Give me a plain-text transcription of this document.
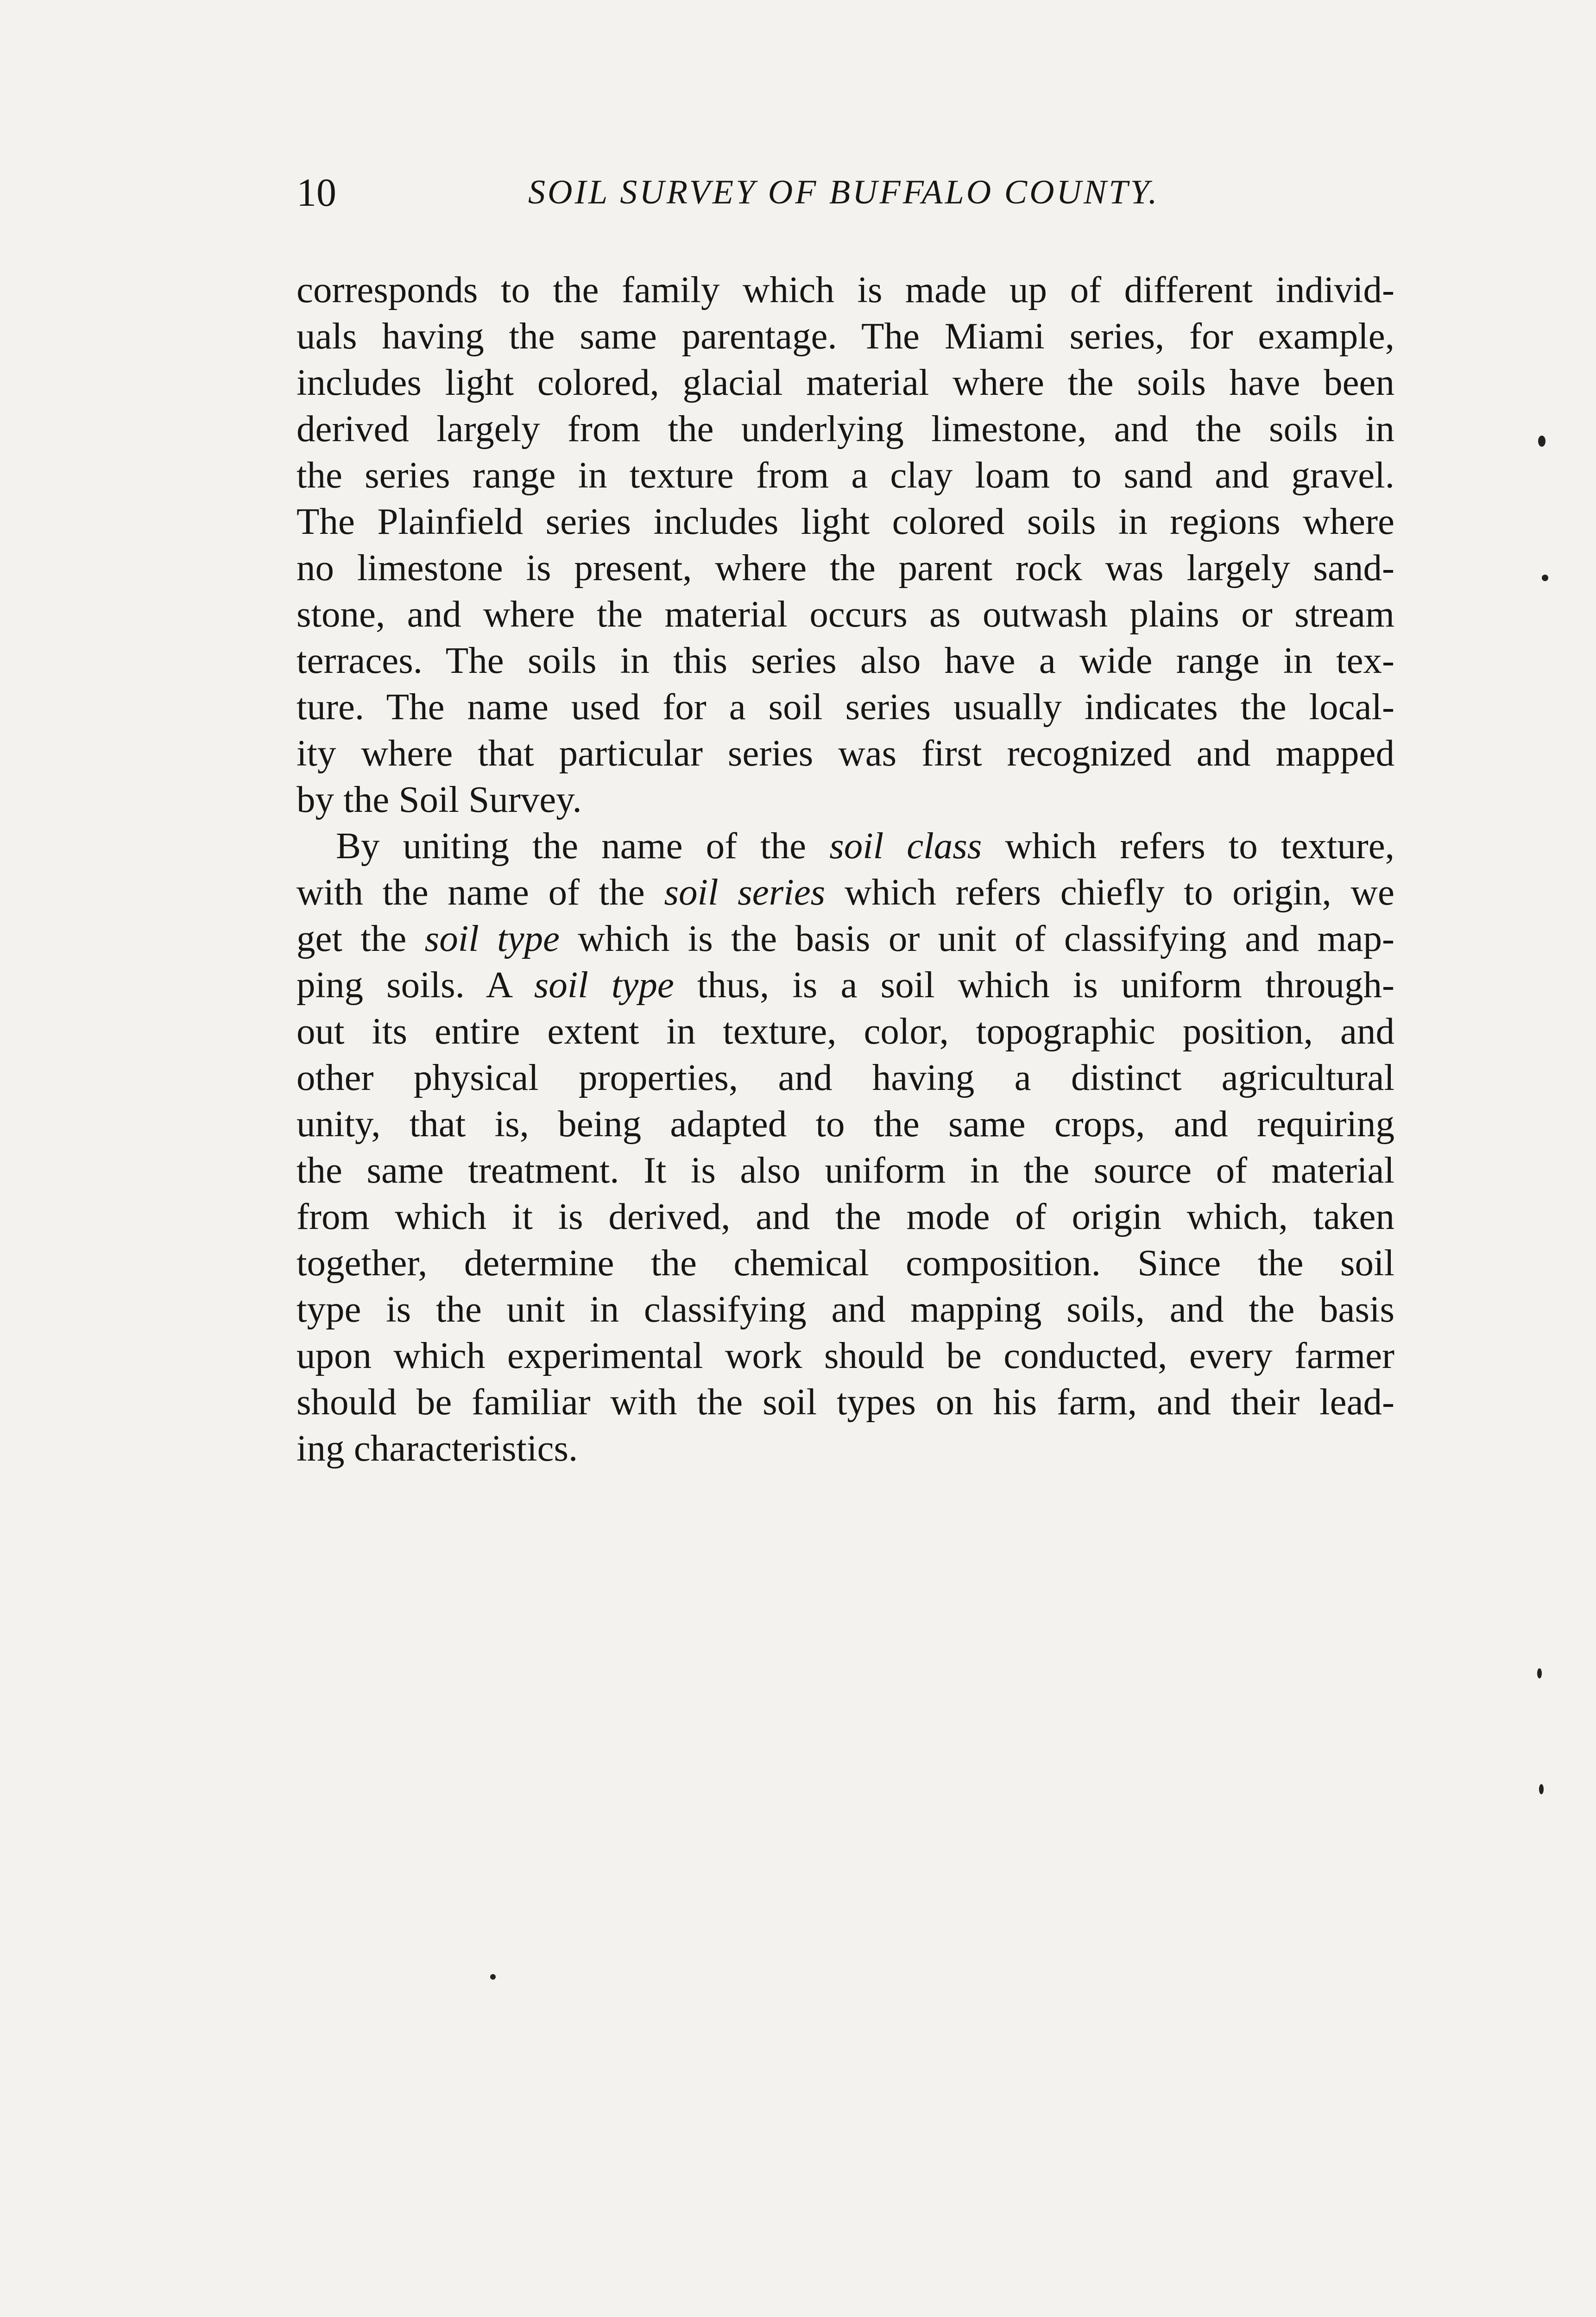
10	SOIL SURVEY OF BUFFALO COUNTY.
corresponds to the family which is made up of different individ-
uals having the same parentage. The Miami series, for example,
includes light colored, glacial material where the soils have been
derived largely from the underlying limestone, and the soils in
the series range in texture from a clay loam to sand and gravel.
The Plainfield series includes light colored soils in regions where
no limestone is present, where the parent rock was largely sand-
stone, and where the material occurs as outwash plains or stream
terraces. The soils in this series also have a wide range in tex-
ture. The name used for a soil series usually indicates the local-
ity where that particular series was first recognized and mapped
by the Soil Survey.
By uniting the name of the soil class which refers to texture,
with the name of the soil series which refers chiefly to origin, we
get the soil type which is the basis or unit of classifying and map-
ping soils. A soil type thus, is a soil which is uniform through-
out its entire extent in texture, color, topographic position, and
other physical properties, and having a distinct agricultural
unity, that is, being adapted to the same crops, and requiring
the same treatment. It is also uniform in the source of material
from which it is derived, and the mode of origin which, taken
together, determine the chemical composition. Since the soil
type is the unit in classifying and mapping soils, and the basis
upon which experimental work should be conducted, every farmer
should be familiar with the soil types on his farm, and their lead-
ing characteristics.
